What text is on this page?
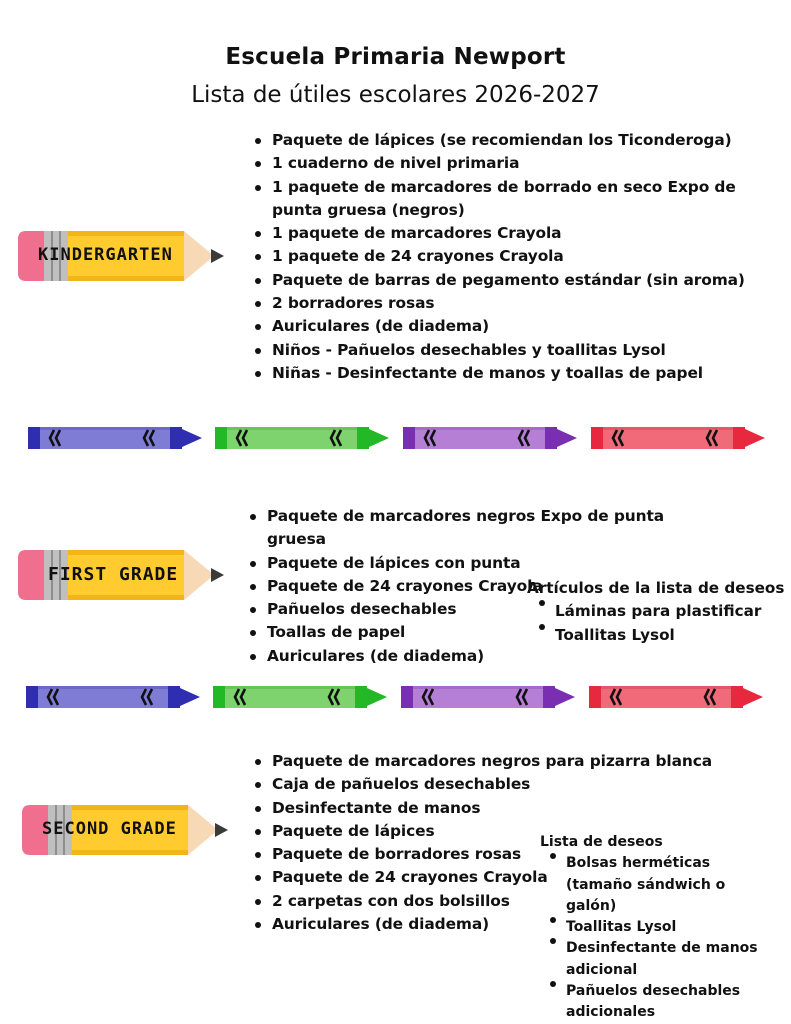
Escuela Primaria Newport
Lista de útiles escolares 2026-2027
KINDERGARTEN
Paquete de lápices (se recomiendan los Ticonderoga)
1 cuaderno de nivel primaria
1 paquete de marcadores de borrado en seco Expo de punta gruesa (negros)
1 paquete de marcadores Crayola
1 paquete de 24 crayones Crayola
Paquete de barras de pegamento estándar (sin aroma)
2 borradores rosas
Auriculares (de diadema)
Niños - Pañuelos desechables y toallitas Lysol
Niñas - Desinfectante de manos y toallas de papel
FIRST GRADE
Paquete de marcadores negros Expo de punta gruesa
Paquete de lápices con punta
Paquete de 24 crayones Crayola
Pañuelos desechables
Toallas de papel
Auriculares (de diadema)
Artículos de la lista de deseos
Láminas para plastificar
Toallitas Lysol
SECOND GRADE
Paquete de marcadores negros para pizarra blanca
Caja de pañuelos desechables
Desinfectante de manos
Paquete de lápices
Paquete de borradores rosas
Paquete de 24 crayones Crayola
2 carpetas con dos bolsillos
Auriculares (de diadema)
Lista de deseos
Bolsas herméticas (tamaño sándwich o galón)
Toallitas Lysol
Desinfectante de manos adicional
Pañuelos desechables adicionales
